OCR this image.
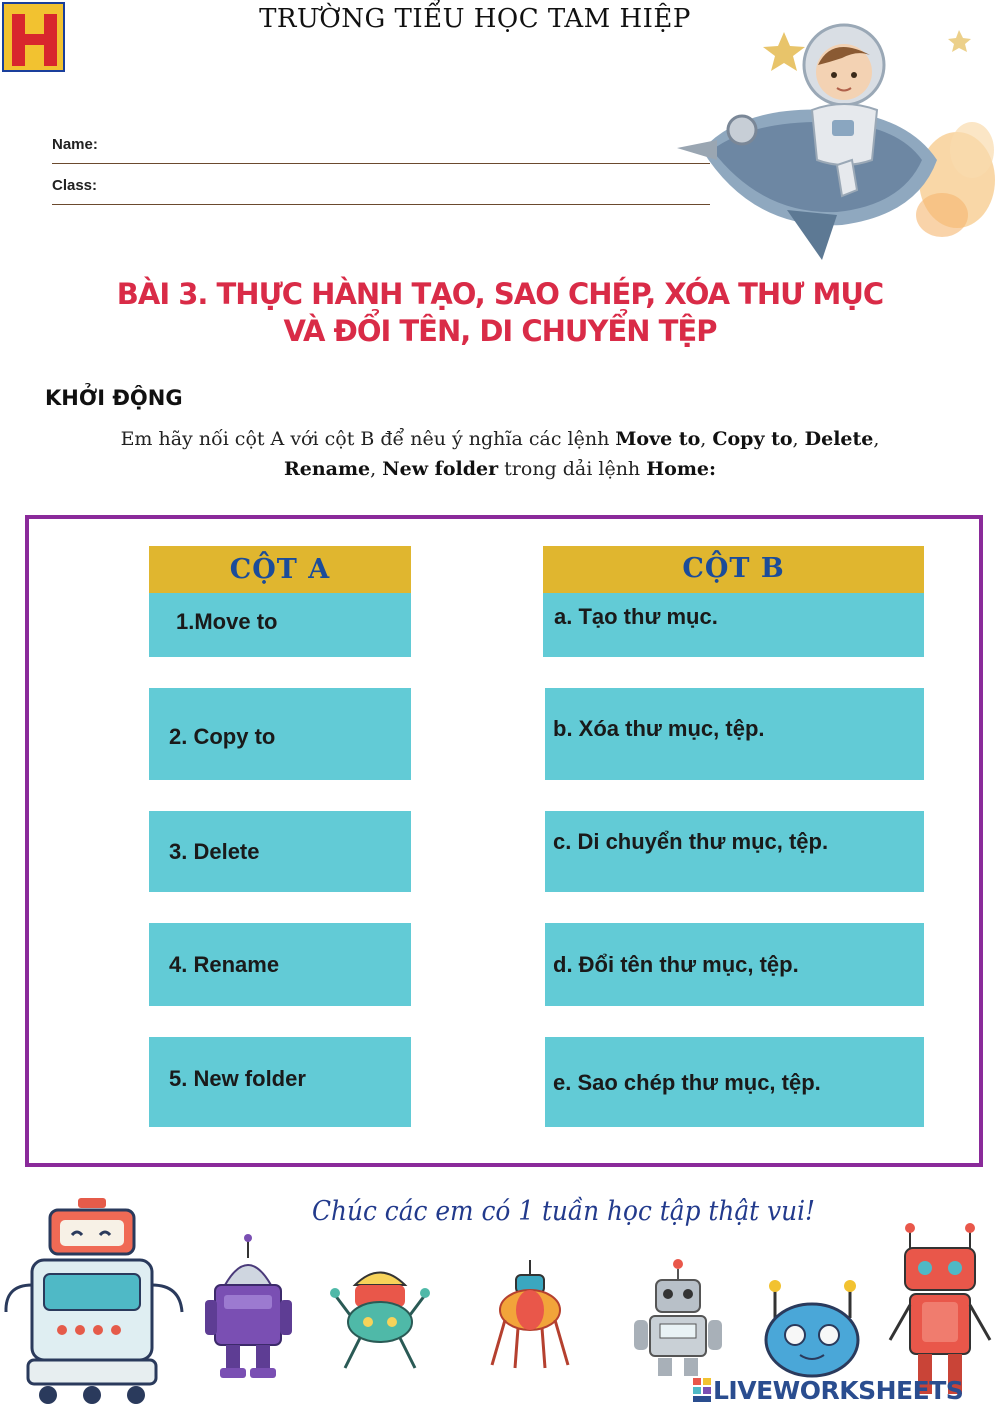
TRƯỜNG TIỂU HỌC TAM HIỆP
Name:
Class:
BÀI 3. THỰC HÀNH TẠO, SAO CHÉP, XÓA THƯ MỤC
VÀ ĐỔI TÊN, DI CHUYỂN TỆP
KHỞI ĐỘNG
Em hãy nối cột A với cột B để nêu ý nghĩa các lệnh Move to, Copy to, Delete,
Rename, New folder trong dải lệnh Home:
CỘT A	CỘT B
1.Move to
2. Copy to
3. Delete
4. Rename
5. New folder
a. Tạo thư mục.
b. Xóa thư mục, tệp.
c. Di chuyển thư mục, tệp.
d. Đổi tên thư mục, tệp.
e. Sao chép thư mục, tệp.
Chúc các em có 1 tuần học tập thật vui!
LIVEWORKSHEETS
